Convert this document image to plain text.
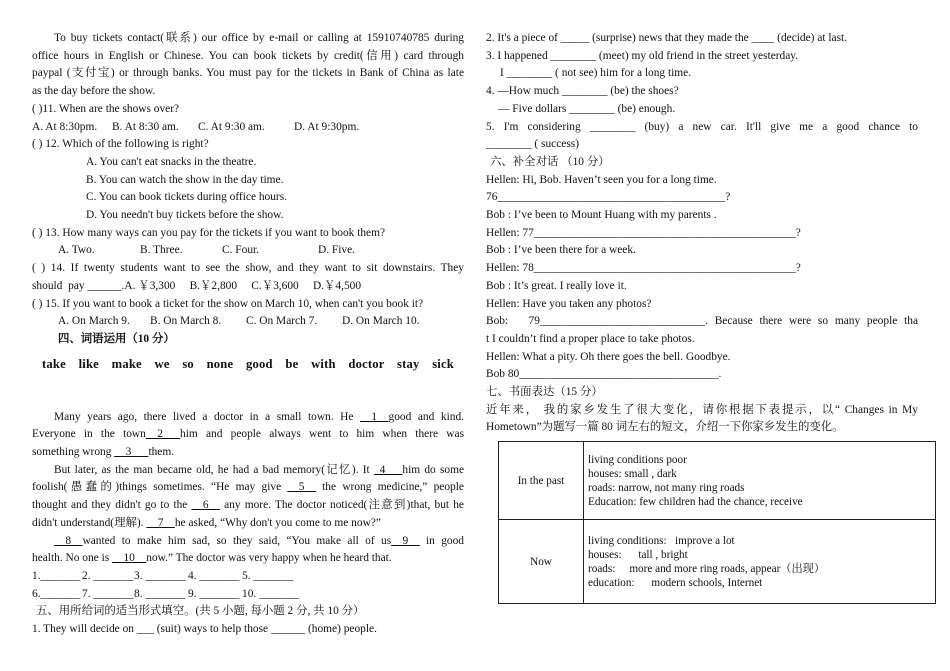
To buy tickets contact(联系) our office by e-mail or calling at 15910740785 during

office hours in English or Chinese. You can book tickets by credit(信用) card through

paypal (支付宝) or through banks. You must pay for the tickets in Bank of China as late

as the day before the show.

( )11. When are the shows over?

A. At 8:30pm.	B. At 8:30 am.	C. At 9:30 am.	D. At 9:30pm.

( ) 12. Which of the following is right?

A. You can't eat snacks in the theatre.

B. You can watch the show in the day time.

C. You can book tickets during office hours.

D. You needn't buy tickets before the show.

( ) 13. How many ways can you pay for the tickets if you want to book them?

A. Two.	B. Three.	C. Four.	D. Five.

( ) 14. If twenty students want to see the show, and they want to sit downstairs. They

should  pay ______.A. ￥3,300     B.￥2,800     C.￥3,600     D.￥4,500

( ) 15. If you want to book a ticket for the show on March 10, when can't you book it?

A. On March 9.	B. On March 8.	C. On March 7.	D. On March 10.

四、词语运用（10 分）

take  like  make  we  so  none  good  be  with  doctor  stay  sick

Many years ago, there lived a doctor in a small town. He __1__good and kind.

Everyone in the town__2___him and people always went to him when there was

something wrong __3___them.

But later, as the man became old, he had a bad memory(记忆). It _4___him do some

foolish(愚蠢的)things sometimes. “He may give __5__ the wrong medicine,” people

thought and they didn't go to the __6__ any more. The doctor noticed(注意到)that, but he

didn't understand(理解). __7__he asked, “Why don't you come to me now?”

__8__wanted to make him sad, so they said, “You make all of us__9__ in good

health. No one is __10__now.” The doctor was very happy when he heard that.

1._______ 2. _______ 3. _______ 4. _______ 5. _______

6._______ 7. _______ 8. _______ 9. _______ 10. _______

五、用所给词的适当形式填空。(共 5 小题, 每小题 2 分, 共 10 分）

1. They will decide on ___ (suit) ways to help those ______ (home) people.

2. It's a piece of _____ (surprise) news that they made the ____ (decide) at last.

3. I happened ________ (meet) my old friend in the street yesterday.

I ________ ( not see) him for a long time.

4. —How much ________ (be) the shoes?

— Five dollars ________ (be) enough.

5.  I'm  considering  ________  (buy)  a  new  car.  It'll  give  me  a  good  chance  to

________ ( success)

六、补全对话 （10 分）

Hellen: Hi, Bob. Haven’t seen you for a long time.

76________________________________________?

Bob : I’ve been to Mount Huang with my parents .

Hellen: 77______________________________________________?

Bob : I’ve been there for a week.

Hellen: 78______________________________________________?

Bob : It’s great. I really love it.

Hellen: Have you taken any photos?

Bob:   79_____________________________. Because there were so many people tha

t I couldn’t find a proper place to take photos.

Hellen: What a pity. Oh there goes the bell. Goodbye.

Bob 80___________________________________.

七、书面表达（15 分）

近年来， 我的家乡发生了很大变化，请你根据下表提示，以“ Changes in My

Hometown”为题写一篇 80 词左右的短文，介绍一下你家乡发生的变化。

In the past	living conditions poor
houses: small , dark
roads: narrow, not many ring roads
Education: few children had the chance, receive

Now	living conditions:   improve a lot
houses:      tall , bright
roads:     more and more ring roads, appear（出现）
education:      modern schools, Internet
